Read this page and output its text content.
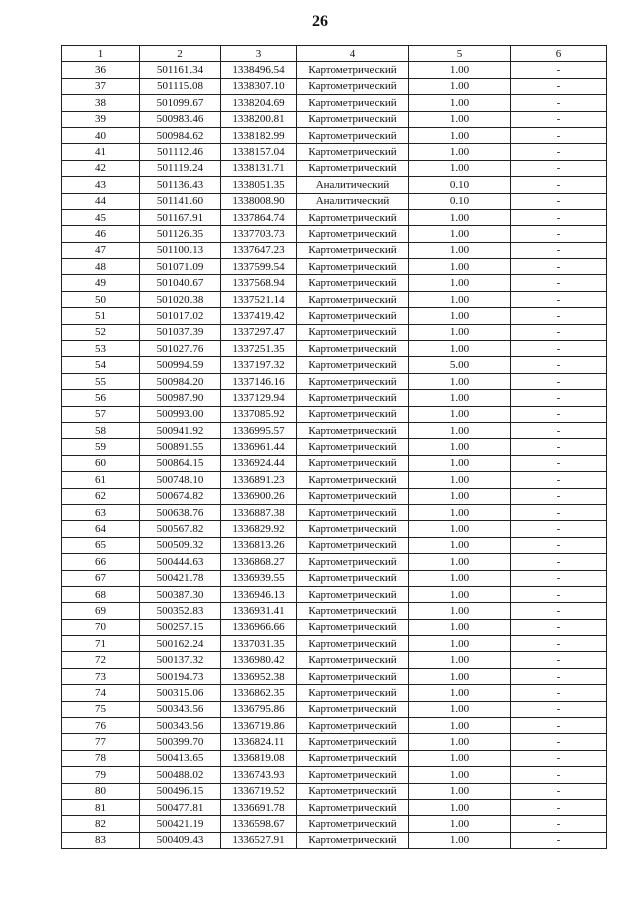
26
1	2	3	4	5	6
36	501161.34	1338496.54	Картометрический	1.00	-
37	501115.08	1338307.10	Картометрический	1.00	-
38	501099.67	1338204.69	Картометрический	1.00	-
39	500983.46	1338200.81	Картометрический	1.00	-
40	500984.62	1338182.99	Картометрический	1.00	-
41	501112.46	1338157.04	Картометрический	1.00	-
42	501119.24	1338131.71	Картометрический	1.00	-
43	501136.43	1338051.35	Аналитический	0.10	-
44	501141.60	1338008.90	Аналитический	0.10	-
45	501167.91	1337864.74	Картометрический	1.00	-
46	501126.35	1337703.73	Картометрический	1.00	-
47	501100.13	1337647.23	Картометрический	1.00	-
48	501071.09	1337599.54	Картометрический	1.00	-
49	501040.67	1337568.94	Картометрический	1.00	-
50	501020.38	1337521.14	Картометрический	1.00	-
51	501017.02	1337419.42	Картометрический	1.00	-
52	501037.39	1337297.47	Картометрический	1.00	-
53	501027.76	1337251.35	Картометрический	1.00	-
54	500994.59	1337197.32	Картометрический	5.00	-
55	500984.20	1337146.16	Картометрический	1.00	-
56	500987.90	1337129.94	Картометрический	1.00	-
57	500993.00	1337085.92	Картометрический	1.00	-
58	500941.92	1336995.57	Картометрический	1.00	-
59	500891.55	1336961.44	Картометрический	1.00	-
60	500864.15	1336924.44	Картометрический	1.00	-
61	500748.10	1336891.23	Картометрический	1.00	-
62	500674.82	1336900.26	Картометрический	1.00	-
63	500638.76	1336887.38	Картометрический	1.00	-
64	500567.82	1336829.92	Картометрический	1.00	-
65	500509.32	1336813.26	Картометрический	1.00	-
66	500444.63	1336868.27	Картометрический	1.00	-
67	500421.78	1336939.55	Картометрический	1.00	-
68	500387.30	1336946.13	Картометрический	1.00	-
69	500352.83	1336931.41	Картометрический	1.00	-
70	500257.15	1336966.66	Картометрический	1.00	-
71	500162.24	1337031.35	Картометрический	1.00	-
72	500137.32	1336980.42	Картометрический	1.00	-
73	500194.73	1336952.38	Картометрический	1.00	-
74	500315.06	1336862.35	Картометрический	1.00	-
75	500343.56	1336795.86	Картометрический	1.00	-
76	500343.56	1336719.86	Картометрический	1.00	-
77	500399.70	1336824.11	Картометрический	1.00	-
78	500413.65	1336819.08	Картометрический	1.00	-
79	500488.02	1336743.93	Картометрический	1.00	-
80	500496.15	1336719.52	Картометрический	1.00	-
81	500477.81	1336691.78	Картометрический	1.00	-
82	500421.19	1336598.67	Картометрический	1.00	-
83	500409.43	1336527.91	Картометрический	1.00	-
